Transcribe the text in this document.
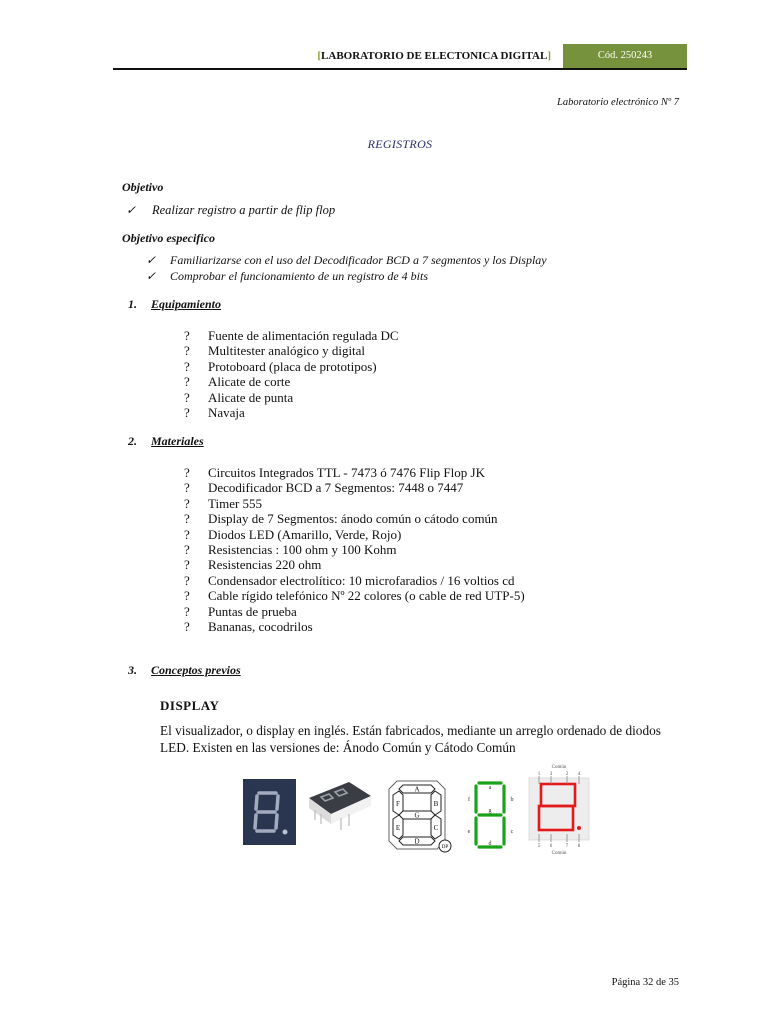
[LABORATORIO DE ELECTONICA DIGITAL]	Cód. 250243
Laboratorio electrónico Nº 7
REGISTROS
Objetivo
✓ Realizar registro a partir de flip flop
Objetivo especifico
✓ Familiarizarse con el uso del Decodificador BCD a 7 segmentos y los Display
✓ Comprobar el funcionamiento de un registro de 4 bits
1. Equipamiento
?	Fuente de alimentación regulada DC
?	Multitester analógico y digital
?	Protoboard (placa de prototipos)
?	Alicate de corte
?	Alicate de punta
?	Navaja
2. Materiales
?	Circuitos Integrados TTL - 7473 ó 7476 Flip Flop JK
?	Decodificador BCD a 7 Segmentos: 7448 o 7447
?	Timer 555
?	Display de 7 Segmentos: ánodo común o cátodo común
?	Diodos LED (Amarillo, Verde, Rojo)
?	Resistencias : 100 ohm y 100 Kohm
?	Resistencias 220 ohm
?	Condensador electrolítico: 10 microfaradios / 16 voltios cd
?	Cable rígido telefónico Nº 22 colores (o cable de red UTP-5)
?	Puntas de prueba
?	Bananas, cocodrilos
3. Conceptos previos
DISPLAY
El visualizador, o display en inglés. Están fabricados, mediante un arreglo ordenado de diodos
LED. Existen en las versiones de: Ánodo Común y Cátodo Común
A
F	B
G
E	C
D
DP
f	b
g
e	c
d
a
Común
1 3	2 4
5 6	7 8
Común
Página 32 de 35
